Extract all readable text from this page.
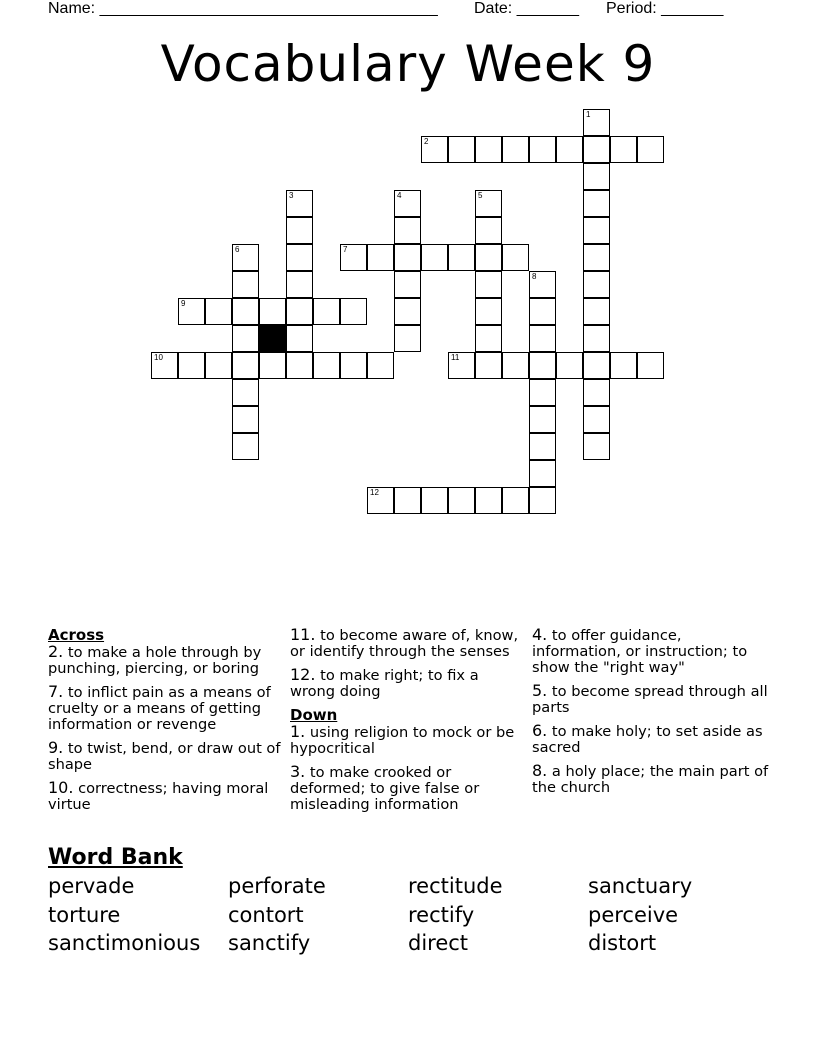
Name: ______________________________________ Date: _______ Period: _______
Vocabulary Week 9
1
2
3	4	5
6	7
8
9
10	11
12
Across
2. to make a hole through by punching, piercing, or boring
7. to inflict pain as a means of cruelty or a means of getting information or revenge
9. to twist, bend, or draw out of shape
10. correctness; having moral virtue
11. to become aware of, know, or identify through the senses
12. to make right; to fix a wrong doing
Down
1. using religion to mock or be hypocritical
3. to make crooked or deformed; to give false or misleading information
4. to offer guidance, information, or instruction; to show the "right way"
5. to become spread through all parts
6. to make holy; to set aside as sacred
8. a holy place; the main part of the church
Word Bank
pervade	perforate	rectitude	sanctuary
torture	contort	rectify	perceive
sanctimonious	sanctify	direct	distort
